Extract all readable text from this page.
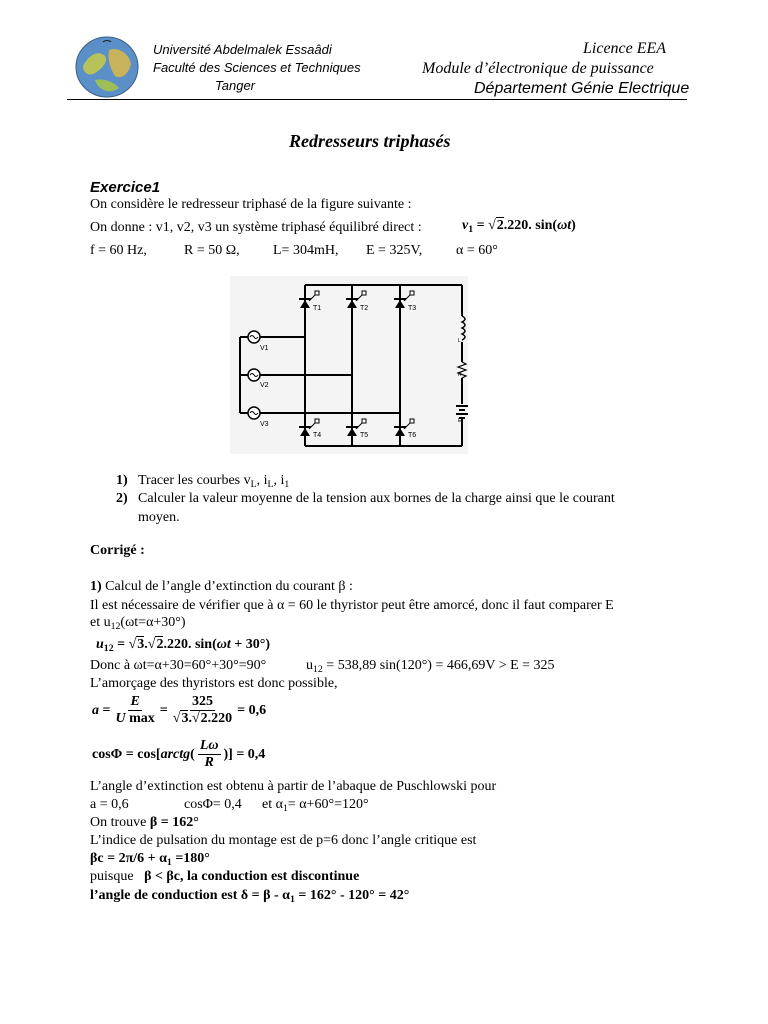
Université Abdelmalek Essaâdi
Faculté des Sciences et Techniques
Tanger
Licence EEA
Module d’électronique de puissance
Département Génie Electrique
Redresseurs triphasés
Exercice1
On considère le redresseur triphasé de la figure suivante :
On donne : v1, v2, v3 un système triphasé équilibré direct :	$v_1 = √2.220$. sin(ωt)
f = 60 Hz,	R = 50 Ω, L= 304mH, E = 325V, α = 60°
T1	T2	T3
T4	T5	T6
V1
V2
V3
L
R
E
1) Tracer les courbes $v_L$, $i_L$, $i_1$
2) Calculer la valeur moyenne de la tension aux bornes de la charge ainsi que le courant
moyen.
Corrigé :
1) Calcul de l’angle d’extinction du courant β :
Il est nécessaire de vérifier que à α = 60 le thyristor peut être amorcé, donc il faut comparer E
et $u_{12}(\omega t=\alpha+30^\circ)$
$u_{12} = √3.√2.220$. sin(ωt + 30°)
Donc à ωt=α+30=60°+30°=90°	$u_{12} = 538,89$ sin(120°) = 466,69V > E = 325
L’amorçage des thyristors est donc possible,
$a = \frac{E}{\text{U max}} = \frac{325}{√3.√2.220} = 0,6$
cosΦ = cos[ arctg ( $\frac{L\omega}{R}$ )] = 0,4
L’angle d’extinction est obtenu à partir de l’abaque de Puschlowski pour
a = 0,6	cosΦ= 0,4 et $\alpha_1= \alpha+60^\circ=120^\circ$
On trouve β = 162°
L’indice de pulsation du montage est de p=6 donc l’angle critique est
$\beta c = 2\pi/6 + \alpha_1 =180^\circ$
puisque β < βc, la conduction est discontinue
l’angle de conduction est $\delta = \beta - \alpha_1 = 162^\circ - 120^\circ = 42^\circ$
